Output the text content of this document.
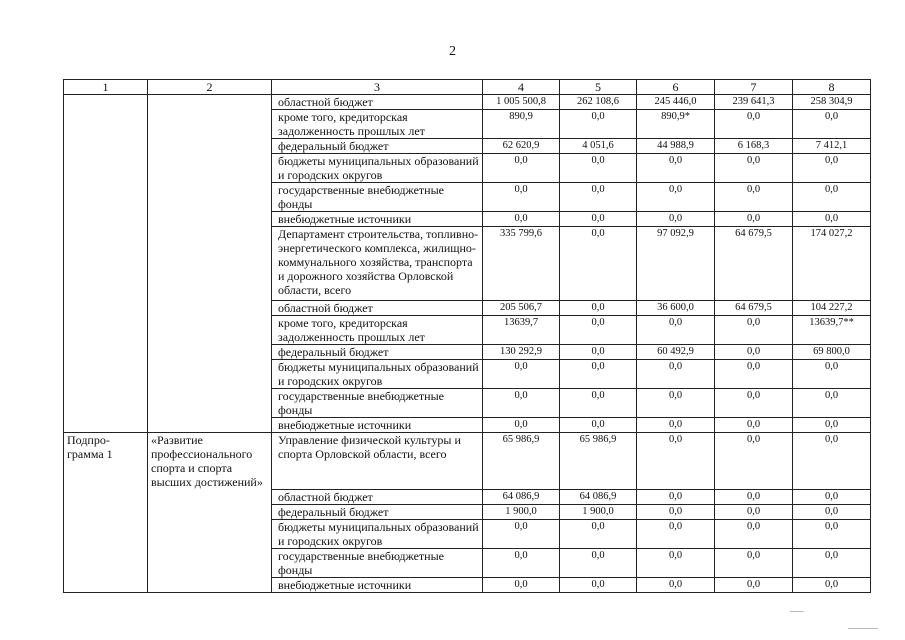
2
1	2	3	4	5	6	7	8
		областной бюджет	1 005 500,8	262 108,6	245 446,0	239 641,3	258 304,9
		кроме того, кредиторская задолженность прошлых лет	890,9	0,0	890,9*	0,0	0,0
		федеральный бюджет	62 620,9	4 051,6	44 988,9	6 168,3	7 412,1
		бюджеты муниципальных образований и городских округов	0,0	0,0	0,0	0,0	0,0
		государственные внебюджетные фонды	0,0	0,0	0,0	0,0	0,0
		внебюджетные источники	0,0	0,0	0,0	0,0	0,0
		Департамент строительства, топливно-энергетического комплекса, жилищно-коммунального хозяйства, транспорта и дорожного хозяйства Орловской области, всего	335 799,6	0,0	97 092,9	64 679,5	174 027,2
		областной бюджет	205 506,7	0,0	36 600,0	64 679,5	104 227,2
		кроме того, кредиторская задолженность прошлых лет	13639,7	0,0	0,0	0,0	13639,7**
		федеральный бюджет	130 292,9	0,0	60 492,9	0,0	69 800,0
		бюджеты муниципальных образований и городских округов	0,0	0,0	0,0	0,0	0,0
		государственные внебюджетные фонды	0,0	0,0	0,0	0,0	0,0
		внебюджетные источники	0,0	0,0	0,0	0,0	0,0
Подпро-грамма 1	«Развитие профессионального спорта и спорта высших достижений»	Управление физической культуры и спорта Орловской области, всего	65 986,9	65 986,9	0,0	0,0	0,0
		областной бюджет	64 086,9	64 086,9	0,0	0,0	0,0
		федеральный бюджет	1 900,0	1 900,0	0,0	0,0	0,0
		бюджеты муниципальных образований и городских округов	0,0	0,0	0,0	0,0	0,0
		государственные внебюджетные фонды	0,0	0,0	0,0	0,0	0,0
		внебюджетные источники	0,0	0,0	0,0	0,0	0,0
